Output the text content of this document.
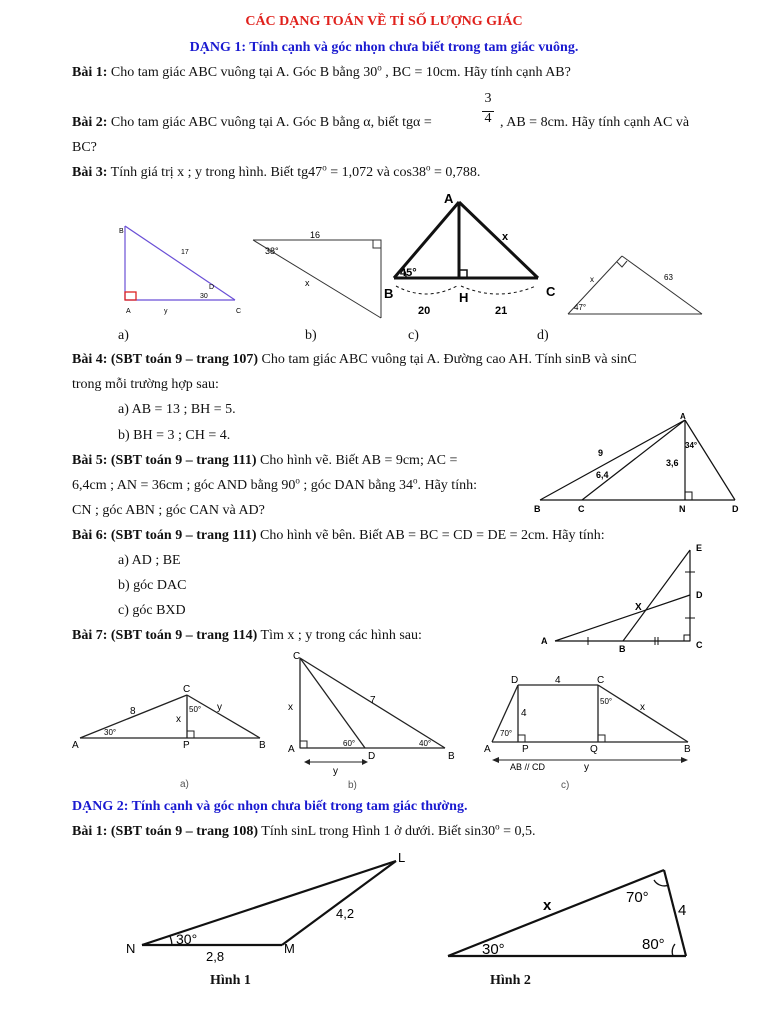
CÁC DẠNG TOÁN VỀ TỈ SỐ LƯỢNG GIÁC
DẠNG 1: Tính cạnh và góc nhọn chưa biết trong tam giác vuông.
Bài 1: Cho tam giác ABC vuông tại A. Góc B bằng 30$^o$ , BC = 10cm. Hãy tính cạnh AB?
Bài 2: Cho tam giác ABC vuông tại A. Góc B bằng α, biết tgα =
3
4 , AB = 8cm. Hãy tính cạnh AC và
BC?
Bài 3: Tính giá trị x ; y trong hình. Biết $tg47^o = 1,072$ và $\cos 38^o = 0,788$.
B
17
D
30
A	y	C
16
38°
x
A
x
45°
B	H	C
20	21
x	63
47°
a)	b)	c)	d)
Bài 4: (SBT toán 9 – trang 107) Cho tam giác ABC vuông tại A. Đường cao AH. Tính sinB và sinC
trong mỗi trường hợp sau:
a) AB = 13 ; BH = 5.
b) BH = 3 ; CH = 4.
Bài 5: (SBT toán 9 – trang 111) Cho hình vẽ. Biết AB = 9cm; AC =
6,4cm ; AN = 36cm ; góc AND bằng 90$^o$ ; góc DAN bằng 34$^o$. Hãy tính:
CN ; góc ABN ; góc CAN và AD?
A
9
6,4
3,6
34°
B	C	N	D
Bài 6: (SBT toán 9 – trang 111) Cho hình vẽ bên. Biết AB = BC = CD = DE = 2cm. Hãy tính:
a) AD ; BE
b) góc DAC
c) góc BXD
E
D
X
A
B	C
Bài 7: (SBT toán 9 – trang 114) Tìm x ; y trong các hình sau:
C
8	y
50°
x
30°
A	P	B
a)
C
x
7
60°	40°
A
D	B
y
b)
D	4	C
4
50°
x
70°
A	P	Q	B
AB // CD	y
c)
DẠNG 2: Tính cạnh và góc nhọn chưa biết trong tam giác thường.
Bài 1: (SBT toán 9 – trang 108) Tính sinL trong Hình 1 ở dưới. Biết $\sin 30^o = 0,5$.
L
4,2
30°
N	M
2,8
Hình 1
x	70°
4
30°	80°
Hình 2
